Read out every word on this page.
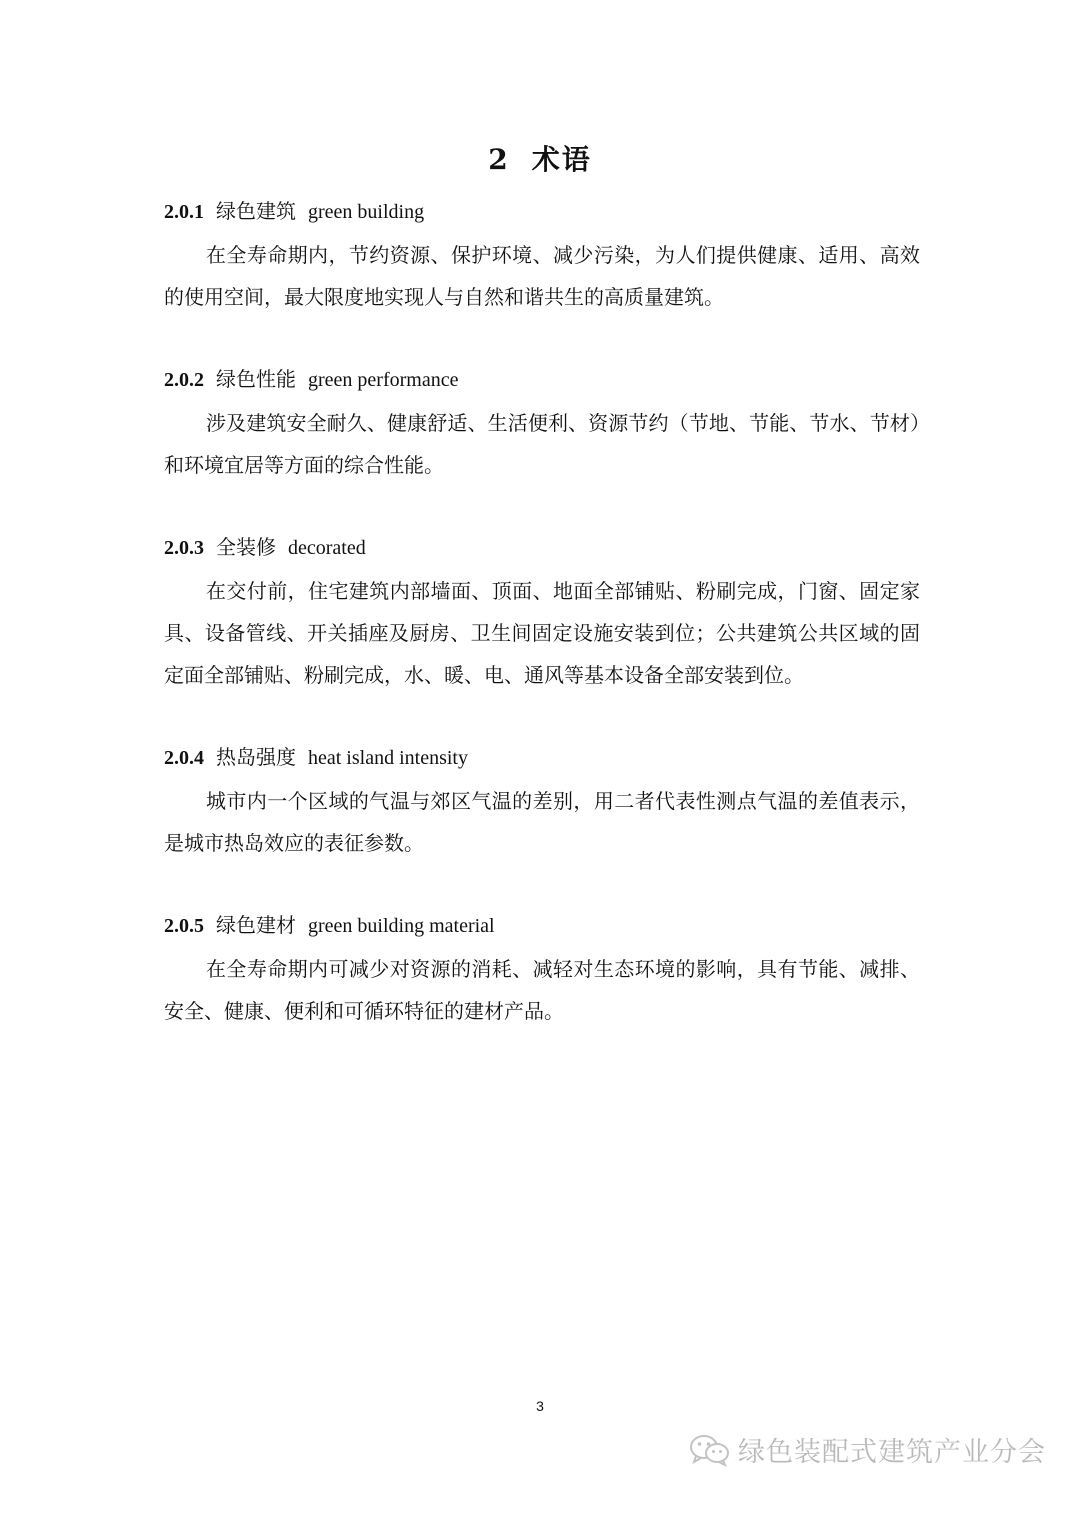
2 术语
2.0.1 绿色建筑 green building
在全寿命期内，节约资源、保护环境、减少污染，为人们提供健康、适用、高效的使用空间，最大限度地实现人与自然和谐共生的高质量建筑。
2.0.2 绿色性能 green performance
涉及建筑安全耐久、健康舒适、生活便利、资源节约（节地、节能、节水、节材）和环境宜居等方面的综合性能。
2.0.3 全装修 decorated
在交付前，住宅建筑内部墙面、顶面、地面全部铺贴、粉刷完成，门窗、固定家具、设备管线、开关插座及厨房、卫生间固定设施安装到位；公共建筑公共区域的固定面全部铺贴、粉刷完成，水、暖、电、通风等基本设备全部安装到位。
2.0.4 热岛强度 heat island intensity
城市内一个区域的气温与郊区气温的差别，用二者代表性测点气温的差值表示，是城市热岛效应的表征参数。
2.0.5 绿色建材 green building material
在全寿命期内可减少对资源的消耗、减轻对生态环境的影响，具有节能、减排、安全、健康、便利和可循环特征的建材产品。
3
绿色装配式建筑产业分会
